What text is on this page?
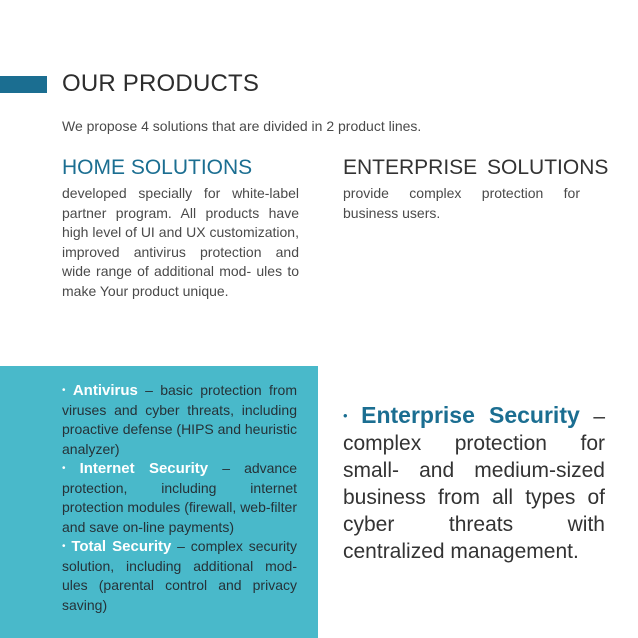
OUR PRODUCTS

We propose 4 solutions that are divided in 2 product lines.

HOME SOLUTIONS

developed specially for white-label partner program. All products have high level of UI and UX customization, improved antivirus protection and wide range of additional mod- ules to make Your product unique.

ENTERPRISE SOLUTIONS

provide complex protection for business users.

• Antivirus – basic protection from viruses and cyber threats, including proactive defense (HIPS and heuristic analyzer)
• Internet Security – advance protection, including internet protection modules (firewall, web-filter and save on-line payments)
• Total Security – complex security solution, including additional mod- ules (parental control and privacy saving)

• Enterprise Security – complex protection for small- and medium-sized business from all types of cyber threats with centralized management.
